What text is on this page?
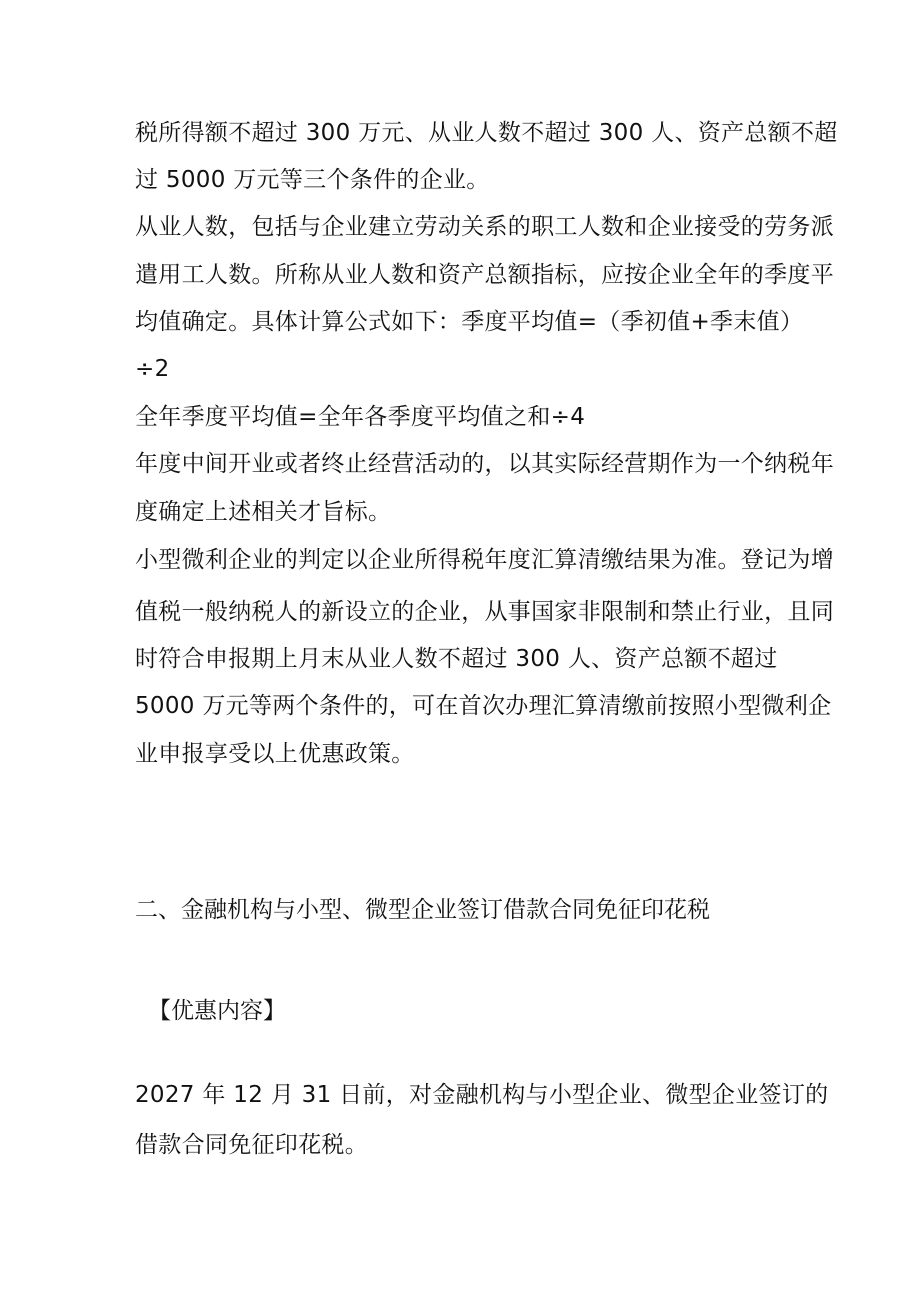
税所得额不超过 300 万元、从业人数不超过 300 人、资产总额不超
过 5000 万元等三个条件的企业。
从业人数，包括与企业建立劳动关系的职工人数和企业接受的劳务派
遣用工人数。所称从业人数和资产总额指标，应按企业全年的季度平
均值确定。具体计算公式如下：季度平均值=（季初值+季末值）
÷2
全年季度平均值=全年各季度平均值之和÷4
年度中间开业或者终止经营活动的，以其实际经营期作为一个纳税年
度确定上述相关才旨标。
小型微利企业的判定以企业所得税年度汇算清缴结果为准。登记为增
值税一般纳税人的新设立的企业，从事国家非限制和禁止行业，且同
时符合申报期上月末从业人数不超过 300 人、资产总额不超过
5000 万元等两个条件的，可在首次办理汇算清缴前按照小型微利企
业申报享受以上优惠政策。
二、金融机构与小型、微型企业签订借款合同免征印花税
【优惠内容】
2027 年 12 月 31 日前，对金融机构与小型企业、微型企业签订的
借款合同免征印花税。
